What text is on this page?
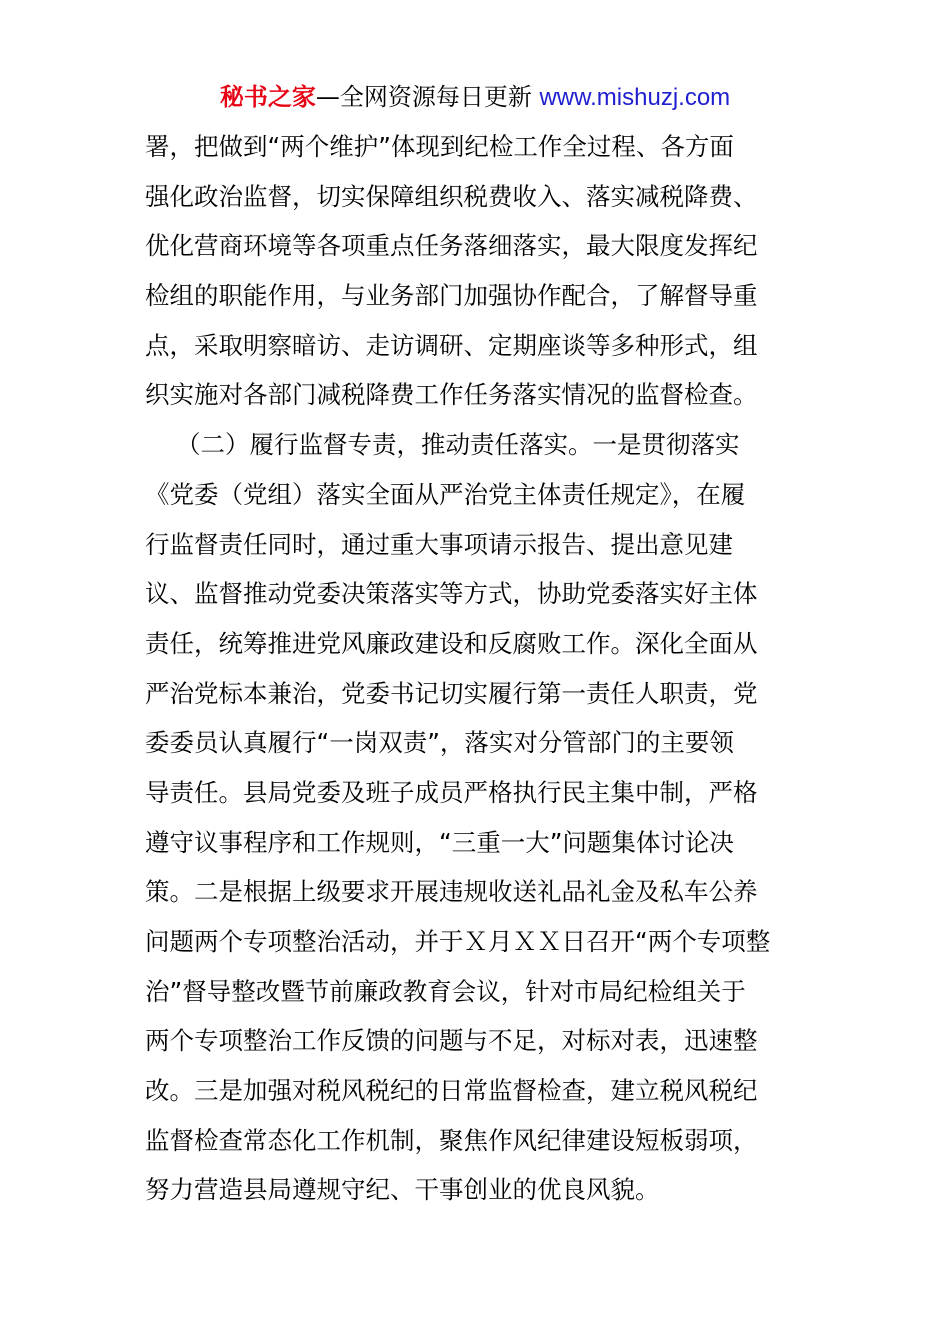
秘书之家—全网资源每日更新 www.mishuzj.com
署，把做到“两个维护”体现到纪检工作全过程、各方面
强化政治监督，切实保障组织税费收入、落实减税降费、
优化营商环境等各项重点任务落细落实，最大限度发挥纪
检组的职能作用，与业务部门加强协作配合，了解督导重
点，采取明察暗访、走访调研、定期座谈等多种形式，组
织实施对各部门减税降费工作任务落实情况的监督检查。
（二）履行监督专责，推动责任落实。一是贯彻落实
《党委（党组）落实全面从严治党主体责任规定》，在履
行监督责任同时，通过重大事项请示报告、提出意见建
议、监督推动党委决策落实等方式，协助党委落实好主体
责任，统筹推进党风廉政建设和反腐败工作。深化全面从
严治党标本兼治，党委书记切实履行第一责任人职责，党
委委员认真履行“一岗双责”，落实对分管部门的主要领
导责任。县局党委及班子成员严格执行民主集中制，严格
遵守议事程序和工作规则，“三重一大”问题集体讨论决
策。二是根据上级要求开展违规收送礼品礼金及私车公养
问题两个专项整治活动，并于Ｘ月ＸＸ日召开“两个专项整
治”督导整改暨节前廉政教育会议，针对市局纪检组关于
两个专项整治工作反馈的问题与不足，对标对表，迅速整
改。三是加强对税风税纪的日常监督检查，建立税风税纪
监督检查常态化工作机制，聚焦作风纪律建设短板弱项，
努力营造县局遵规守纪、干事创业的优良风貌。
